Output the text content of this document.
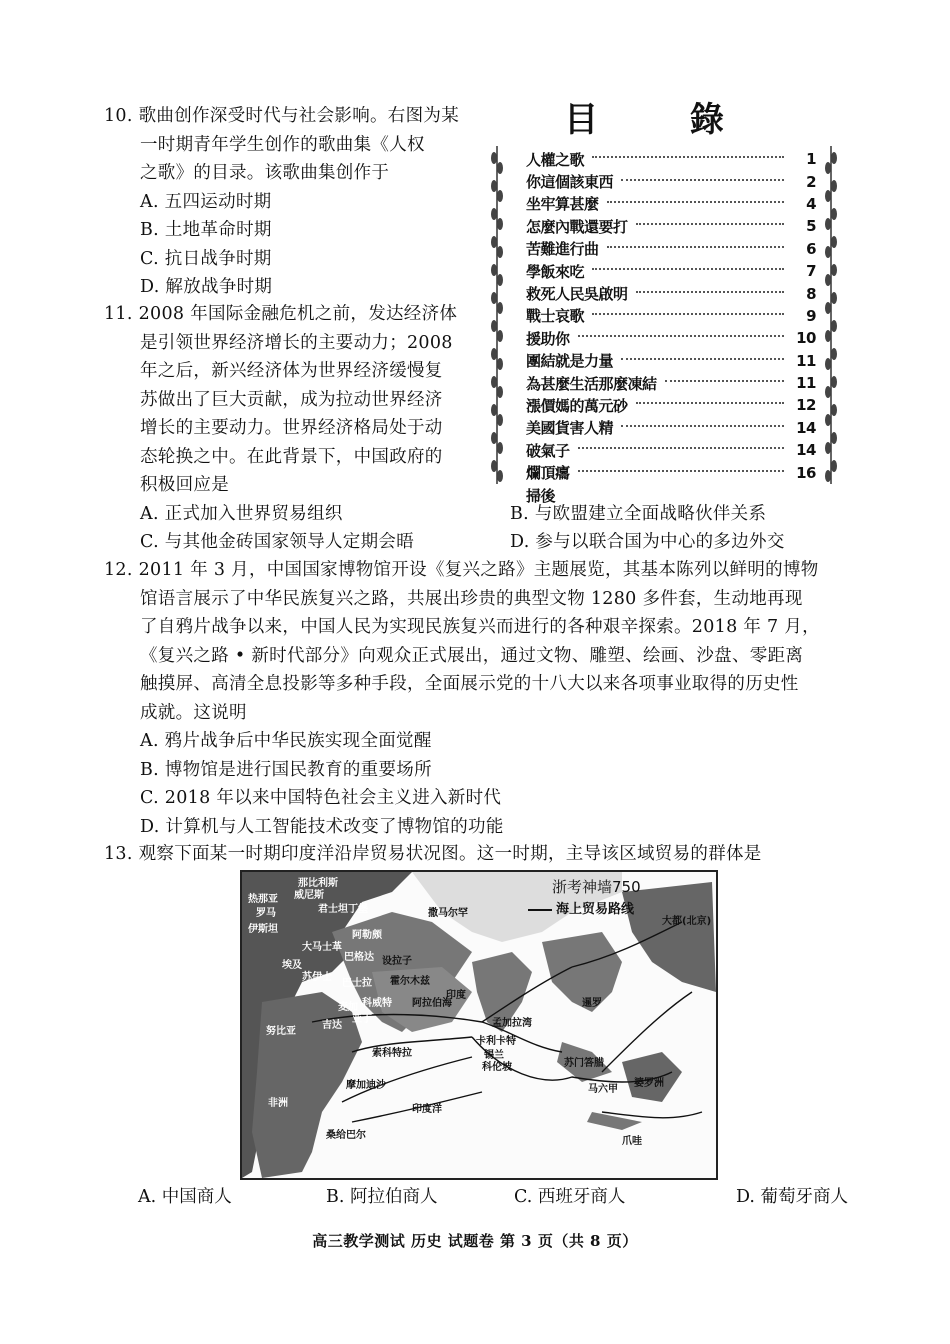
10. 歌曲创作深受时代与社会影响。右图为某
一时期青年学生创作的歌曲集《人权
之歌》的目录。该歌曲集创作于
A. 五四运动时期
B. 土地革命时期
C. 抗日战争时期
D. 解放战争时期
目 錄
人權之歌	1
你這個該東西	2
坐牢算甚麼	4
怎麼內戰還要打	5
苦難進行曲	6
學飯來吃	7
救死人民吳啟明	8
戰士哀歌	9
援助你	10
團結就是力量	11
為甚麼生活那麼凍結	11
漲價媽的萬元砂	12
美國貨害人精	14
破氣子	14
爛頂癟	16
掃後
11. 2008 年国际金融危机之前，发达经济体
是引领世界经济增长的主要动力；2008
年之后，新兴经济体为世界经济缓慢复
苏做出了巨大贡献，成为拉动世界经济
增长的主要动力。世界经济格局处于动
态轮换之中。在此背景下，中国政府的
积极回应是
A. 正式加入世界贸易组织	B. 与欧盟建立全面战略伙伴关系
C. 与其他金砖国家领导人定期会晤	D. 参与以联合国为中心的多边外交
12. 2011 年 3 月，中国国家博物馆开设《复兴之路》主题展览，其基本陈列以鲜明的博物
馆语言展示了中华民族复兴之路，共展出珍贵的典型文物 1280 多件套，生动地再现
了自鸦片战争以来，中国人民为实现民族复兴而进行的各种艰辛探索。2018 年 7 月，
《复兴之路 • 新时代部分》向观众正式展出，通过文物、雕塑、绘画、沙盘、零距离
触摸屏、高清全息投影等多种手段，全面展示党的十八大以来各项事业取得的历史性
成就。这说明
A. 鸦片战争后中华民族实现全面觉醒
B. 博物馆是进行国民教育的重要场所
C. 2018 年以来中国特色社会主义进入新时代
D. 计算机与人工智能技术改变了博物馆的功能
13. 观察下面某一时期印度洋沿岸贸易状况图。这一时期，主导该区域贸易的群体是
浙考神墙750
海上贸易路线
威尼斯
热那亚
那比利斯
君士坦丁堡	撒马尔罕
罗马
伊斯坦
巴格达
阿勒颇
巴士拉
大马士革
设拉子
科威特
霍尔木兹
印度
亚丁
麦加
苏伊士
埃及
吉达
阿拉伯海
孟加拉湾
卡利卡特
锡兰
科伦坡
索科特拉
摩加迪沙
桑给巴尔
非洲
努比亚
印度洋
暹罗
马六甲
苏门答腊
婆罗洲
爪哇
大都(北京)
A. 中国商人	B. 阿拉伯商人	C. 西班牙商人	D. 葡萄牙商人
高三教学测试 历史 试题卷 第 3 页（共 8 页）
